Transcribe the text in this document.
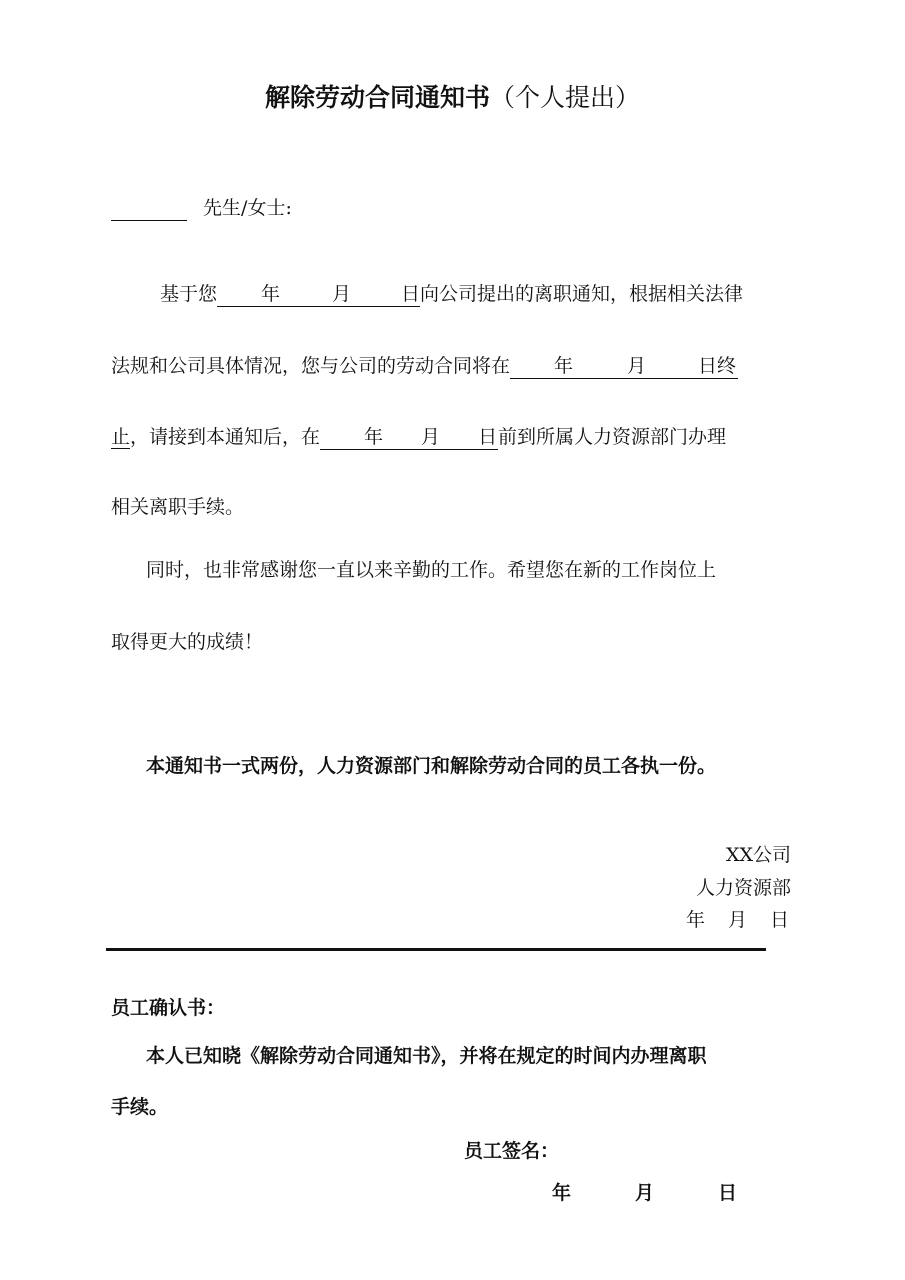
解除劳动合同通知书（个人提出）
先生/女士:
基于您 年	月	日向公司提出的离职通知，根据相关法律
法规和公司具体情况，您与公司的劳动合同将在 年	月	日终
止，请接到本通知后，在 年 月 日前到所属人力资源部门办理
相关离职手续。
同时，也非常感谢您一直以来辛勤的工作。希望您在新的工作岗位上
取得更大的成绩！
本通知书一式两份，人力资源部门和解除劳动合同的员工各执一份。
XX公司
人力资源部
年　月　日
员工确认书：
本人已知晓《解除劳动合同通知书》，并将在规定的时间内办理离职
手续。
员工签名：
年	月	日
